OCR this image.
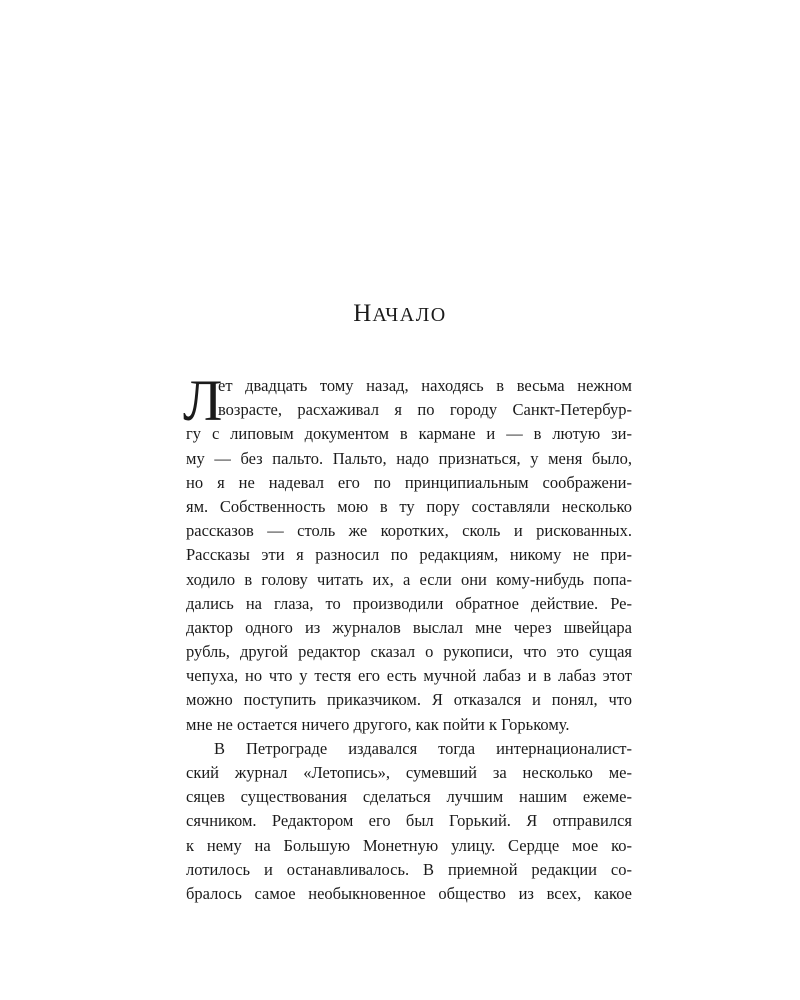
НАЧАЛО
Л
ет двадцать тому назад, находясь в весьма нежном
возрасте, расхаживал я по городу Санкт-Петербур-
гу с липовым документом в кармане и — в лютую зи-
му — без пальто. Пальто, надо признаться, у меня было,
но я не надевал его по принципиальным соображени-
ям. Собственность мою в ту пору составляли несколько
рассказов — столь же коротких, сколь и рискованных.
Рассказы эти я разносил по редакциям, никому не при-
ходило в голову читать их, а если они кому-нибудь попа-
дались на глаза, то производили обратное действие. Ре-
дактор одного из журналов выслал мне через швейцара
рубль, другой редактор сказал о рукописи, что это сущая
чепуха, но что у тестя его есть мучной лабаз и в лабаз этот
можно поступить приказчиком. Я отказался и понял, что
мне не остается ничего другого, как пойти к Горькому.
В Петрограде издавался тогда интернационалист-
ский журнал «Летопись», сумевший за несколько ме-
сяцев существования сделаться лучшим нашим ежеме-
сячником. Редактором его был Горький. Я отправился
к нему на Большую Монетную улицу. Сердце мое ко-
лотилось и останавливалось. В приемной редакции со-
бралось самое необыкновенное общество из всех, какое
